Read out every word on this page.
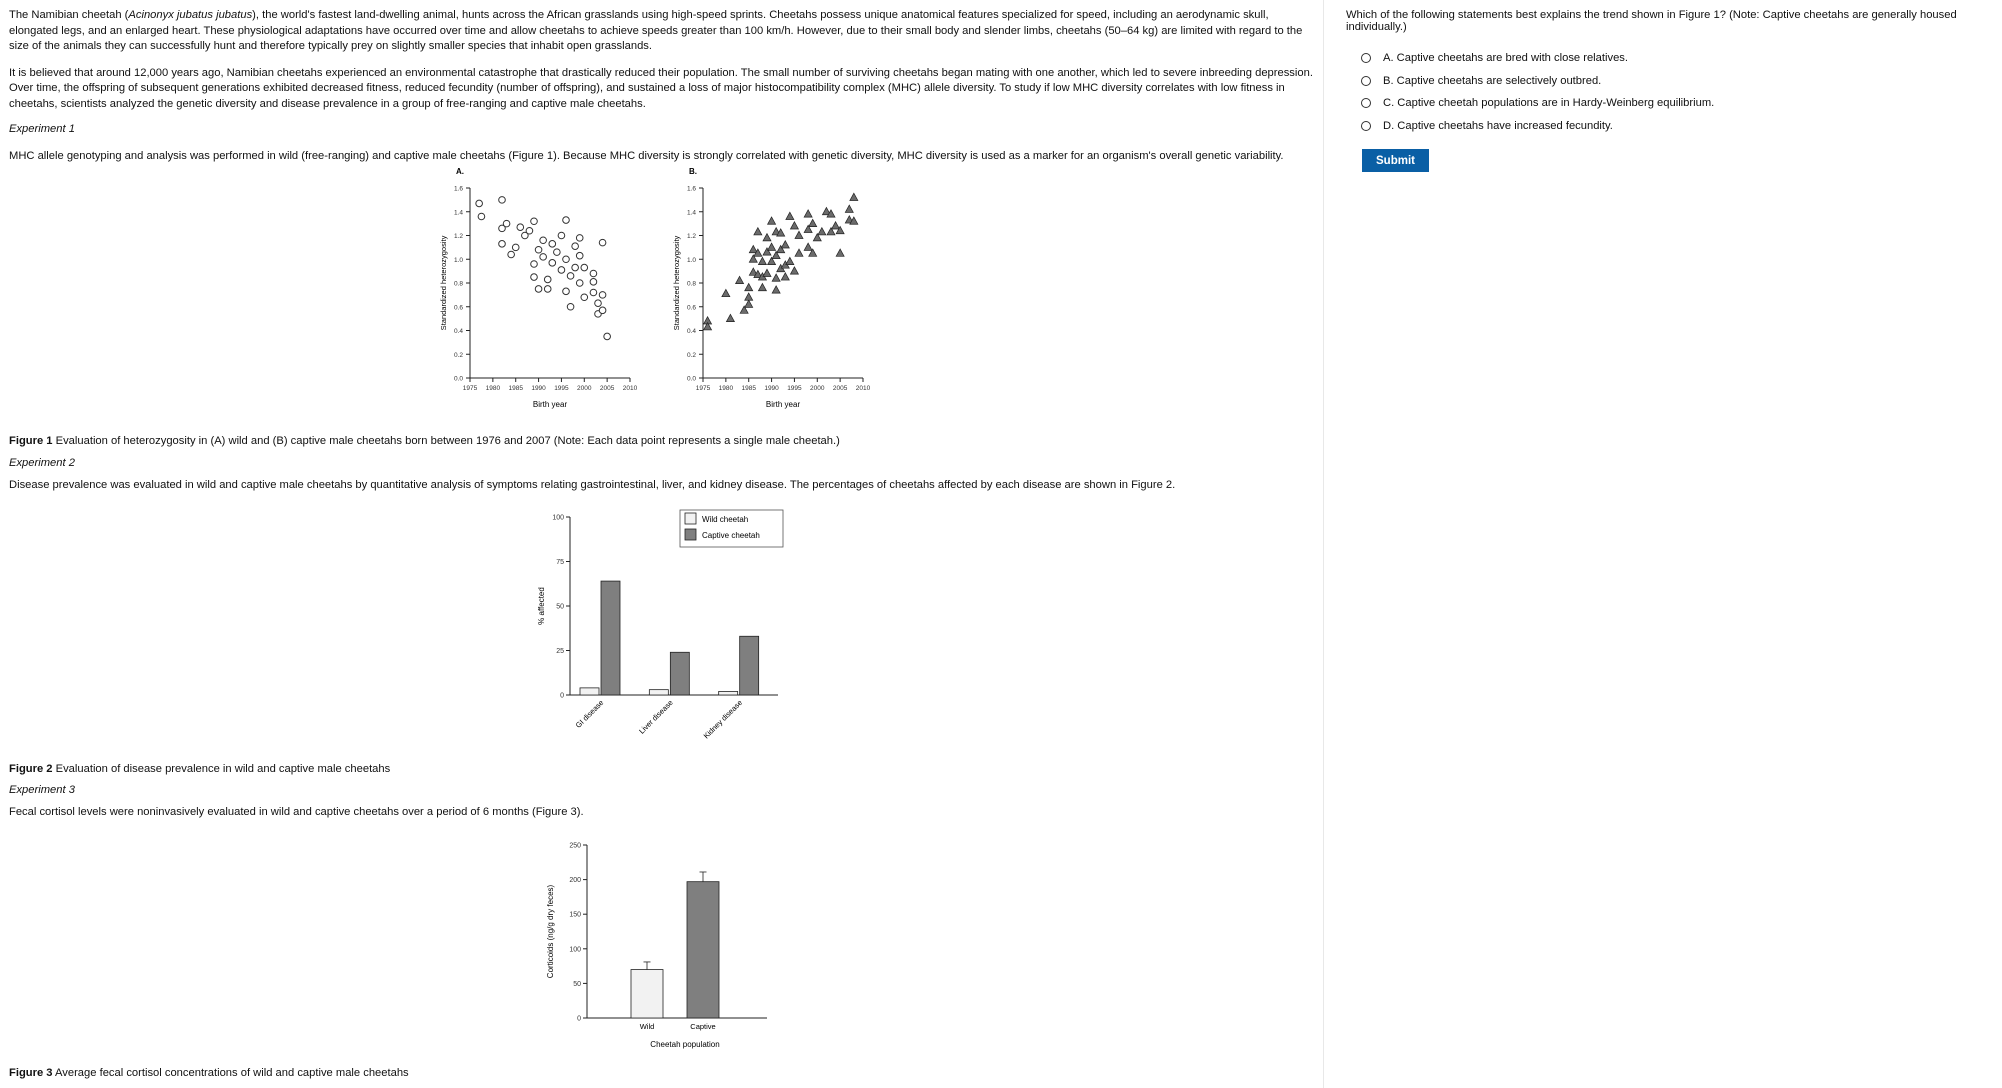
The Namibian cheetah (Acinonyx jubatus jubatus), the world's fastest land-dwelling animal, hunts across the African grasslands using high-speed sprints. Cheetahs possess unique anatomical features specialized for speed, including an aerodynamic skull, elongated legs, and an enlarged heart. These physiological adaptations have occurred over time and allow cheetahs to achieve speeds greater than 100 km/h. However, due to their small body and slender limbs, cheetahs (50–64 kg) are limited with regard to the size of the animals they can successfully hunt and therefore typically prey on slightly smaller species that inhabit open grasslands.

It is believed that around 12,000 years ago, Namibian cheetahs experienced an environmental catastrophe that drastically reduced their population. The small number of surviving cheetahs began mating with one another, which led to severe inbreeding depression. Over time, the offspring of subsequent generations exhibited decreased fitness, reduced fecundity (number of offspring), and sustained a loss of major histocompatibility complex (MHC) allele diversity. To study if low MHC diversity correlates with low fitness in cheetahs, scientists analyzed the genetic diversity and disease prevalence in a group of free-ranging and captive male cheetahs.

Experiment 1

MHC allele genotyping and analysis was performed in wild (free-ranging) and captive male cheetahs (Figure 1). Because MHC diversity is strongly correlated with genetic diversity, MHC diversity is used as a marker for an organism's overall genetic variability.

A.
0.0
0.2
0.4
0.6
0.8
1.0
1.2
1.4
1.6
1975 1980 1985 1990 1995 2000 2005 2010
Birth year
Standardized heterozygosity
B.
0.0
0.2
0.4
0.6
0.8
1.0
1.2
1.4
1.6
1975 1980 1985 1990 1995 2000 2005 2010
Birth year
Standardized heterozygosity
Figure 1 Evaluation of heterozygosity in (A) wild and (B) captive male cheetahs born between 1976 and 2007 (Note: Each data point represents a single male cheetah.)

Experiment 2

Disease prevalence was evaluated in wild and captive male cheetahs by quantitative analysis of symptoms relating gastrointestinal, liver, and kidney disease. The percentages of cheetahs affected by each disease are shown in Figure 2.

0
25
50
75
100
% affected
GI disease	Liver disease	Kidney disease
Wild cheetah
Captive cheetah
Figure 2 Evaluation of disease prevalence in wild and captive male cheetahs

Experiment 3

Fecal cortisol levels were noninvasively evaluated in wild and captive cheetahs over a period of 6 months (Figure 3).

0
50
100
150
200
250
Corticoids (ng/g dry feces)
Cheetah population
Wild	Captive
Figure 3 Average fecal cortisol concentrations of wild and captive male cheetahs

Which of the following statements best explains the trend shown in Figure 1? (Note: Captive cheetahs are generally housed individually.)

A. Captive cheetahs are bred with close relatives.
B. Captive cheetahs are selectively outbred.
C. Captive cheetah populations are in Hardy-Weinberg equilibrium.
D. Captive cheetahs have increased fecundity.
Submit
